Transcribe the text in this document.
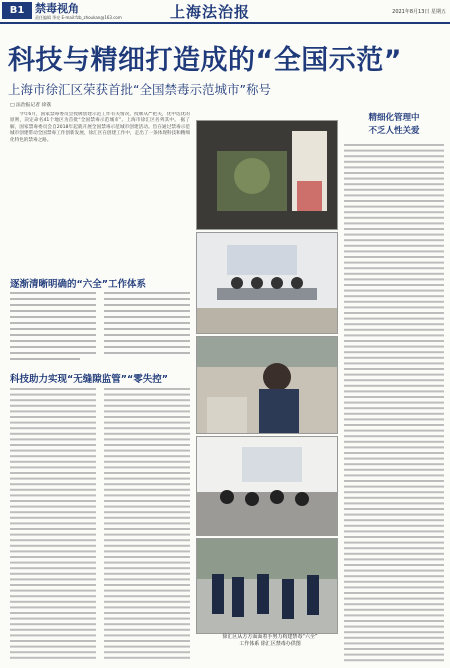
B1 禁毒视角
责任编辑 季亮 E-mail:fzb_zhoukan@163.com	上海法治报	2021年8月13日 星期五
科技与精细打造成的“全国示范”
上海市徐汇区荣获首批“全国禁毒示范城市”称号
□ 法治报记者 徐荔
今年6月，国家禁毒委员会授牌创建示范工作有关情况，授牌从严把关，优中选优的原则，决定命名41个地区为首批“全国禁毒示范城市”。上海市徐汇区名列其中。 据了解，国家禁毒委员会自2018年起就开展全国禁毒示范城市创建活动。旨在通过禁毒示范城市创建带动全国禁毒工作创新发展，徐汇区在创建工作中，走出了一条体现科技和精细化特色的禁毒之路。
逐渐清晰明确的“六全”工作体系
科技助力实现“无缝隙监管”“零失控”
徐汇区从方方面面着手努力构建禁毒“六全”
工作体系 徐汇区禁毒办供图
精细化管理中
不乏人性关爱
